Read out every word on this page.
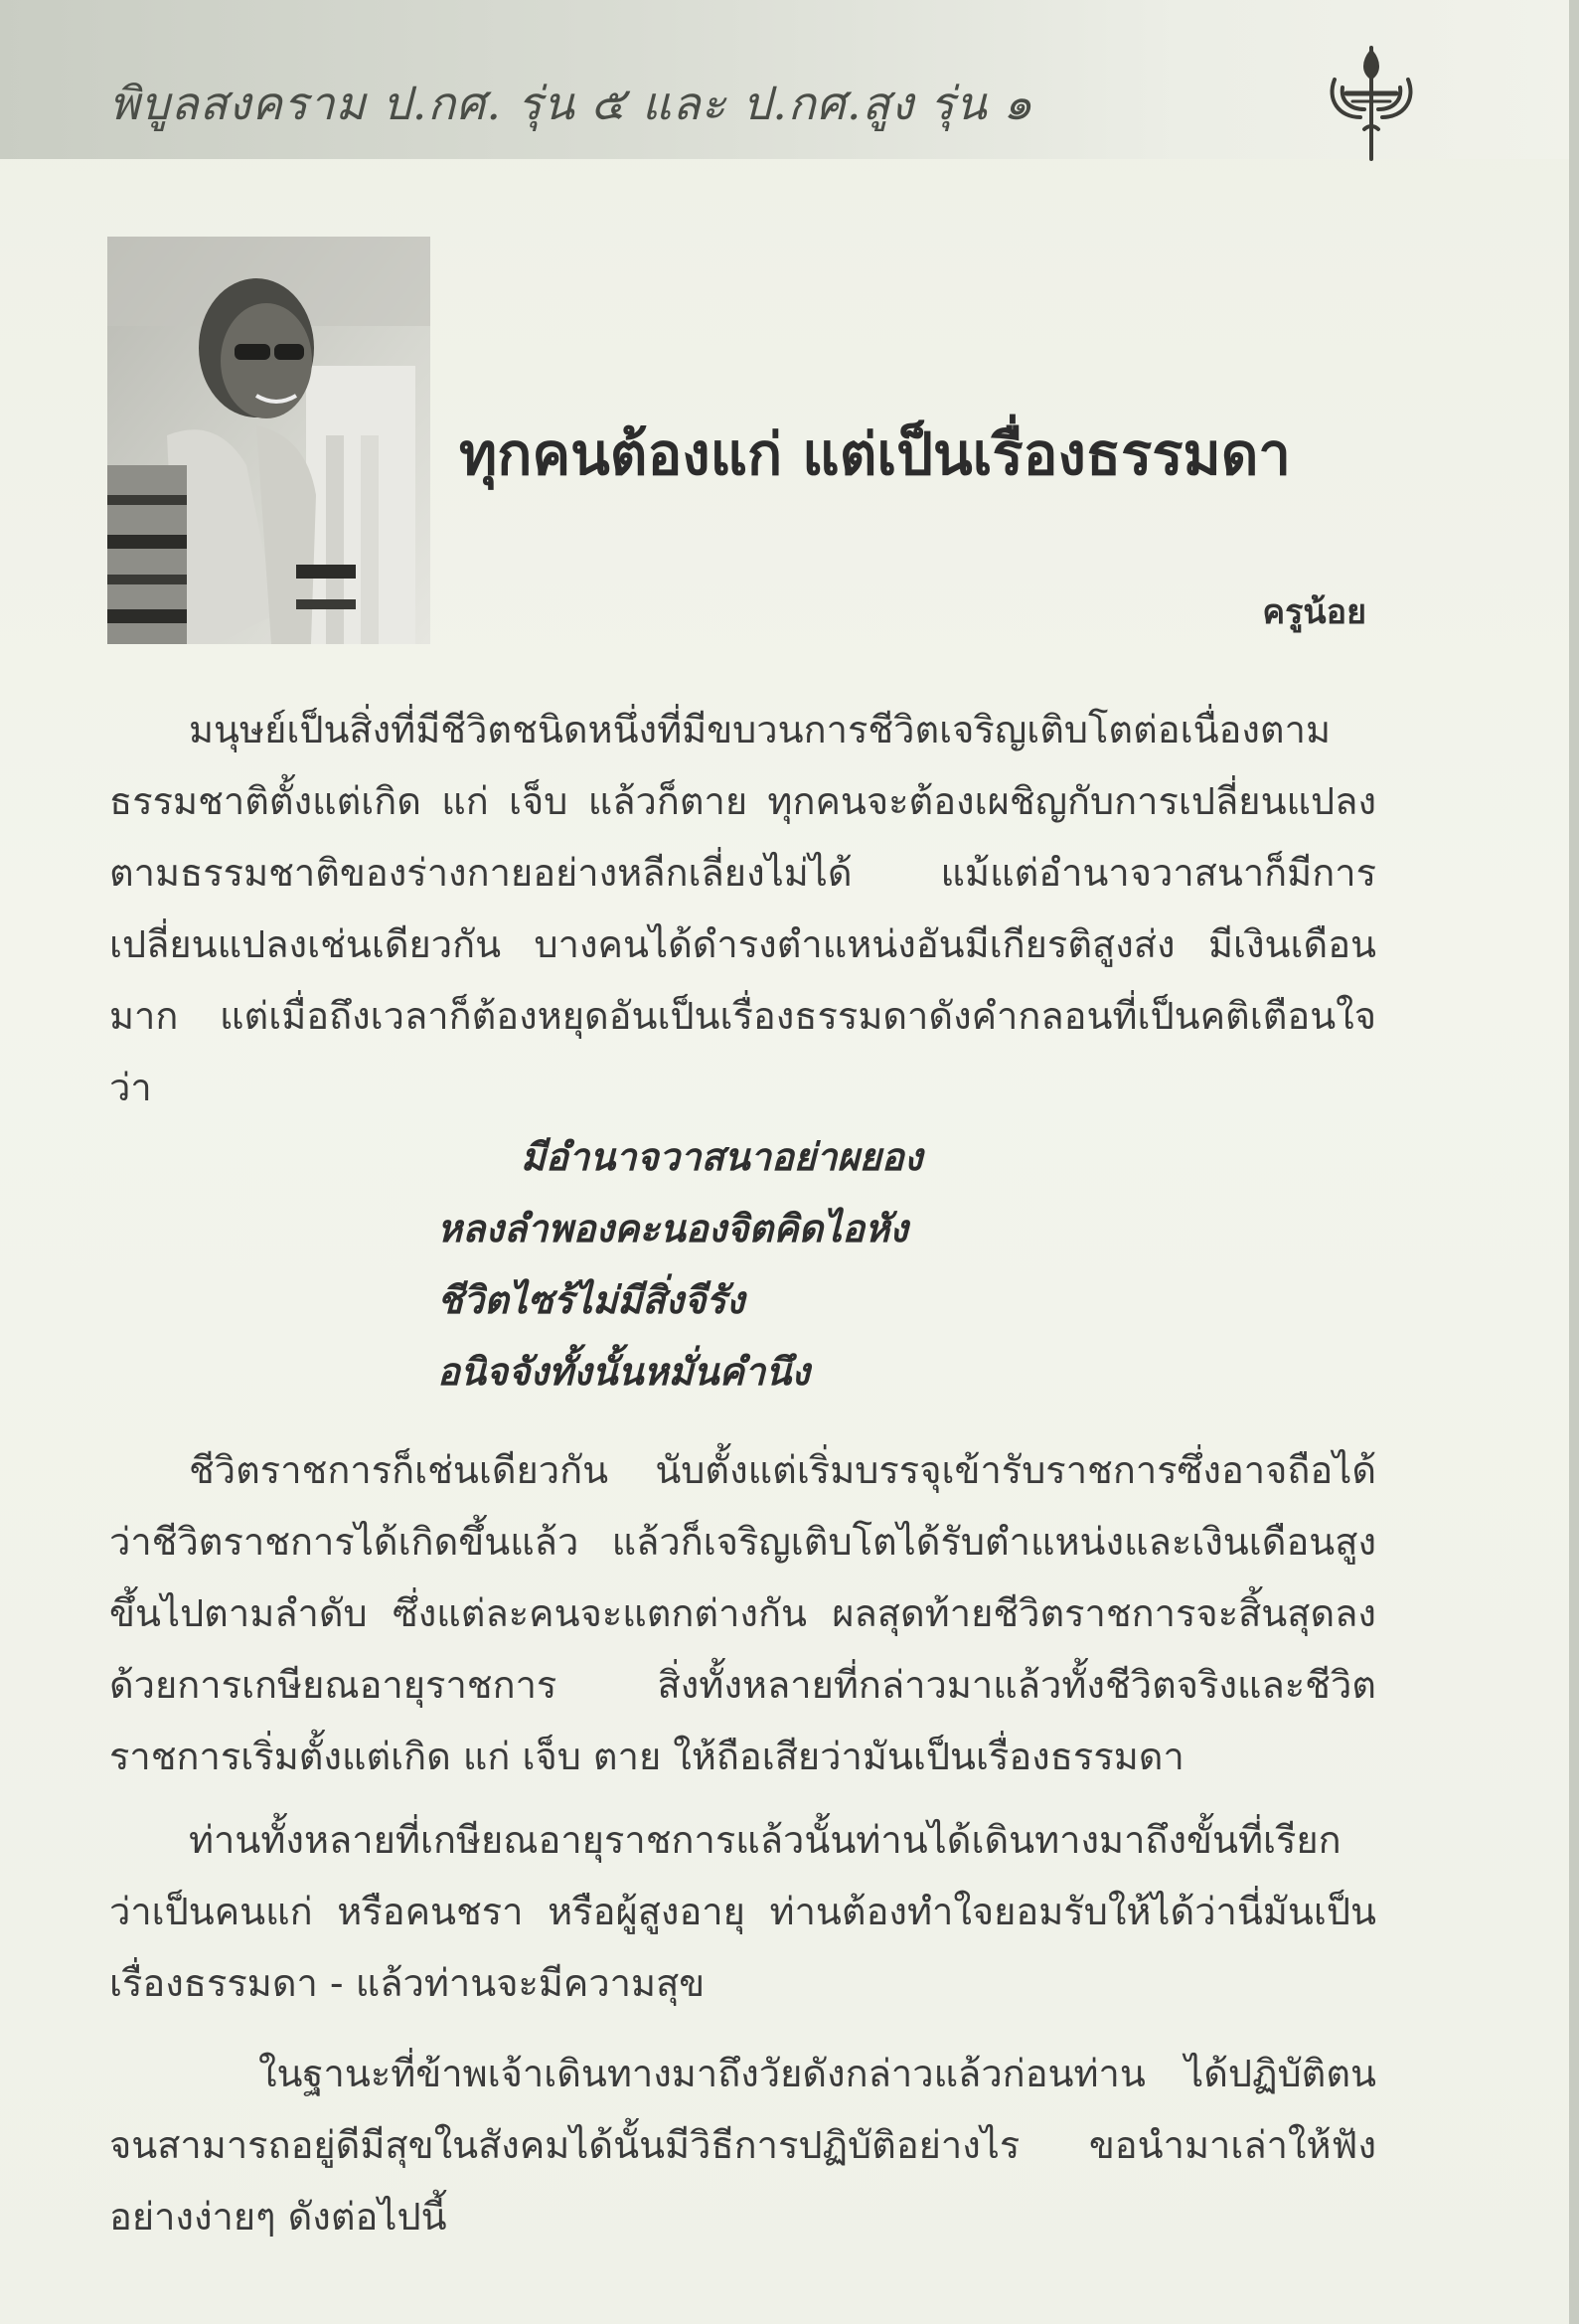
พิบูลสงคราม ป.กศ. รุ่น ๕ และ ป.กศ.สูง รุ่น ๑
ทุกคนต้องแก่ แต่เป็นเรื่องธรรมดา
ครูน้อย
มนุษย์เป็นสิ่งที่มีชีวิตชนิดหนึ่งที่มีขบวนการชีวิตเจริญเติบโตต่อเนื่องตามธรรมชาติตั้งแต่เกิด แก่ เจ็บ แล้วก็ตาย ทุกคนจะต้องเผชิญกับการเปลี่ยนแปลงตามธรรมชาติของร่างกายอย่างหลีกเลี่ยงไม่ได้ แม้แต่อำนาจวาสนาก็มีการเปลี่ยนแปลงเช่นเดียวกัน บางคนได้ดำรงตำแหน่งอันมีเกียรติสูงส่ง มีเงินเดือนมาก แต่เมื่อถึงเวลาก็ต้องหยุดอันเป็นเรื่องธรรมดาดังคำกลอนที่เป็นคติเตือนใจว่า
มีอำนาจวาสนาอย่าผยอง
หลงลำพองคะนองจิตคิดไอหัง
ชีวิตไซร้ไม่มีสิ่งจีรัง
อนิจจังทั้งนั้นหมั่นคำนึง
ชีวิตราชการก็เช่นเดียวกัน นับตั้งแต่เริ่มบรรจุเข้ารับราชการซึ่งอาจถือได้ว่าชีวิตราชการได้เกิดขึ้นแล้ว แล้วก็เจริญเติบโตได้รับตำแหน่งและเงินเดือนสูงขึ้นไปตามลำดับ ซึ่งแต่ละคนจะแตกต่างกัน ผลสุดท้ายชีวิตราชการจะสิ้นสุดลงด้วยการเกษียณอายุราชการ สิ่งทั้งหลายที่กล่าวมาแล้วทั้งชีวิตจริงและชีวิตราชการเริ่มตั้งแต่เกิด แก่ เจ็บ ตาย ให้ถือเสียว่ามันเป็นเรื่องธรรมดา
ท่านทั้งหลายที่เกษียณอายุราชการแล้วนั้นท่านได้เดินทางมาถึงขั้นที่เรียกว่าเป็นคนแก่ หรือคนชรา หรือผู้สูงอายุ ท่านต้องทำใจยอมรับให้ได้ว่านี่มันเป็นเรื่องธรรมดา - แล้วท่านจะมีความสุข
ในฐานะที่ข้าพเจ้าเดินทางมาถึงวัยดังกล่าวแล้วก่อนท่าน ได้ปฏิบัติตนจนสามารถอยู่ดีมีสุขในสังคมได้นั้นมีวิธีการปฏิบัติอย่างไร ขอนำมาเล่าให้ฟังอย่างง่ายๆ ดังต่อไปนี้
